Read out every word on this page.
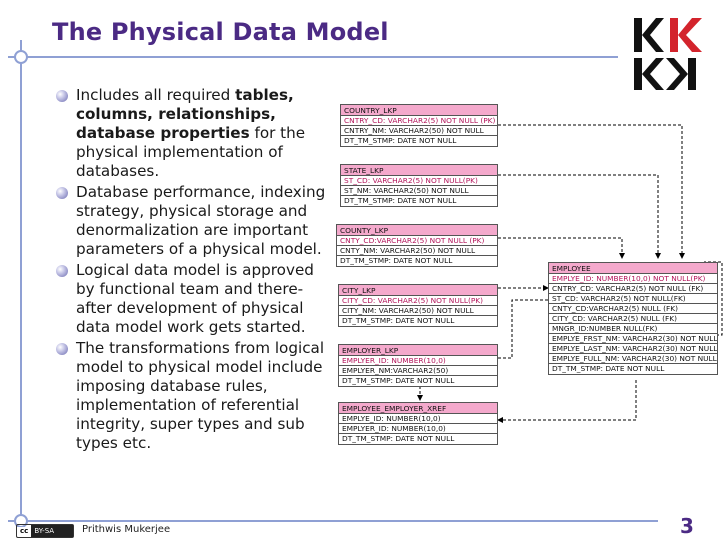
The Physical Data Model
Includes all required tables, columns, relationships, database properties for the physical implementation of databases.
Database performance, indexing strategy, physical storage and denormalization are important parameters of a physical model.
Logical data model is approved by functional team and there-after development of physical data model work gets started.
The transformations from logical model to physical model include imposing database rules, implementation of referential integrity, super types and sub types etc.
COUNTRY_LKP
CNTRY_CD: VARCHAR2(5) NOT NULL (PK)
CNTRY_NM: VARCHAR2(50) NOT NULL
DT_TM_STMP: DATE NOT NULL
STATE_LKP
ST_CD: VARCHAR2(5) NOT NULL(PK)
ST_NM: VARCHAR2(50) NOT NULL
DT_TM_STMP: DATE NOT NULL
COUNTY_LKP
CNTY_CD:VARCHAR2(5) NOT NULL (PK)
CNTY_NM: VARCHAR2(50) NOT NULL
DT_TM_STMP: DATE NOT NULL
CITY_LKP
CITY_CD: VARCHAR2(5) NOT NULL(PK)
CITY_NM: VARCHAR2(50) NOT NULL
DT_TM_STMP: DATE NOT NULL
EMPLOYER_LKP
EMPLYER_ID: NUMBER(10,0)
EMPLYER_NM:VARCHAR2(50)
DT_TM_STMP: DATE NOT NULL
EMPLOYEE_EMPLOYER_XREF
EMPLYE_ID: NUMBER(10,0)
EMPLYER_ID: NUMBER(10,0)
DT_TM_STMP: DATE NOT NULL
EMPLOYEE
EMPLYE_ID: NUMBER(10,0) NOT NULL(PK)
CNTRY_CD: VARCHAR2(5) NOT NULL (FK)
ST_CD: VARCHAR2(5) NOT NULL(FK)
CNTY_CD:VARCHAR2(5) NULL (FK)
CITY_CD: VARCHAR2(5) NULL (FK)
MNGR_ID:NUMBER NULL(FK)
EMPLYE_FRST_NM: VARCHAR2(30) NOT NULL
EMPLYE_LAST_NM: VARCHAR2(30) NOT NULL
EMPLYE_FULL_NM: VARCHAR2(30) NOT NULL
DT_TM_STMP: DATE NOT NULL
cc BY-SA	Prithwis Mukerjee	3
